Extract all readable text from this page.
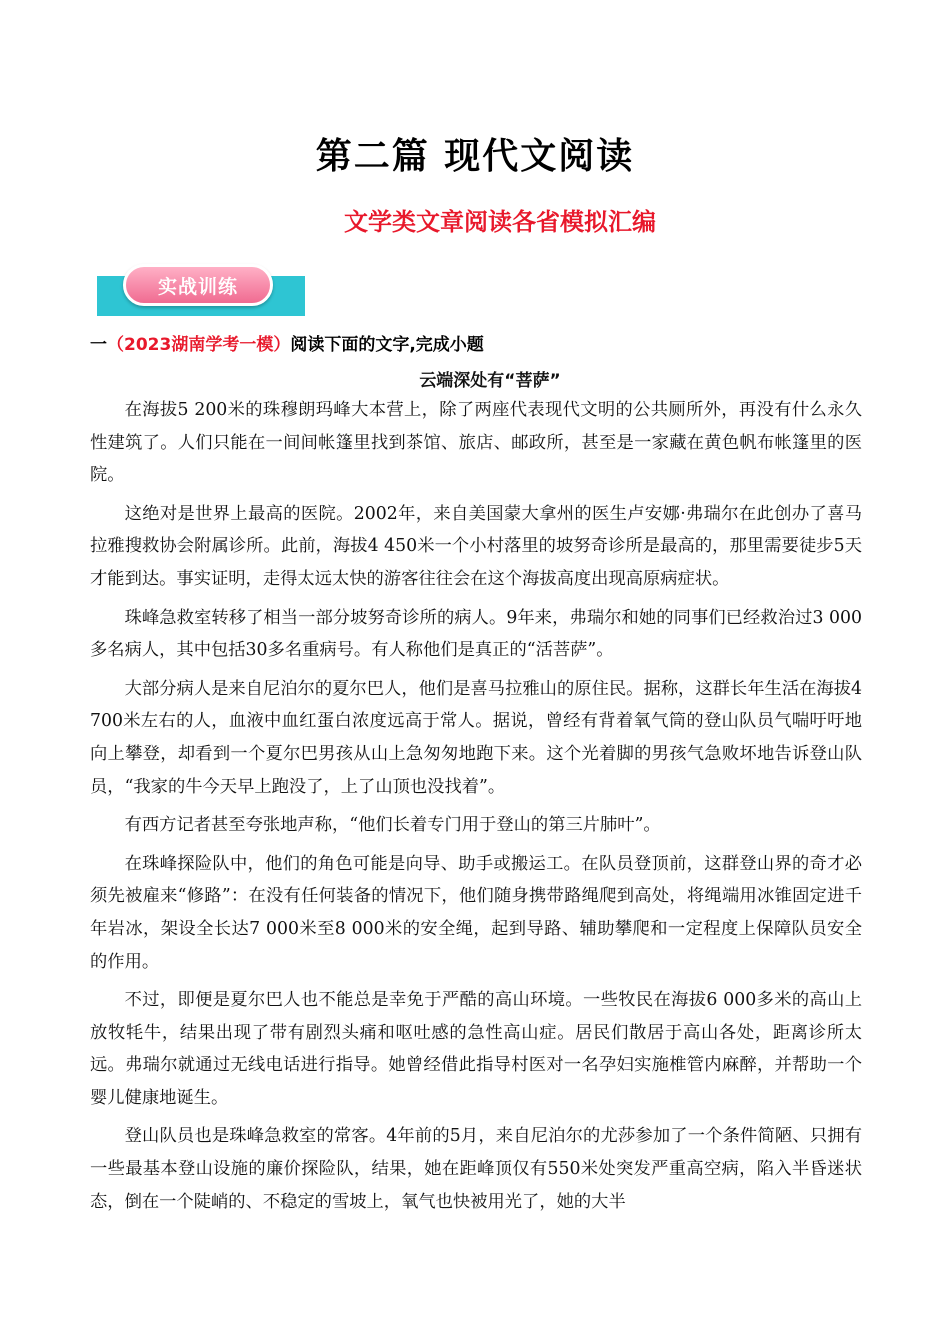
第二篇 现代文阅读
文学类文章阅读各省模拟汇编
实战训练
一（2023湖南学考一模）阅读下面的文字,完成小题
云端深处有“菩萨”

在海拔5 200米的珠穆朗玛峰大本营上，除了两座代表现代文明的公共厕所外，再没有什么永久性建筑了。人们只能在一间间帐篷里找到茶馆、旅店、邮政所，甚至是一家藏在黄色帆布帐篷里的医院。

这绝对是世界上最高的医院。2002年，来自美国蒙大拿州的医生卢安娜·弗瑞尔在此创办了喜马拉雅搜救协会附属诊所。此前，海拔4 450米一个小村落里的坡努奇诊所是最高的，那里需要徒步5天才能到达。事实证明，走得太远太快的游客往往会在这个海拔高度出现高原病症状。

珠峰急救室转移了相当一部分坡努奇诊所的病人。9年来，弗瑞尔和她的同事们已经救治过3 000多名病人，其中包括30多名重病号。有人称他们是真正的“活菩萨”。

大部分病人是来自尼泊尔的夏尔巴人，他们是喜马拉雅山的原住民。据称，这群长年生活在海拔4 700米左右的人，血液中血红蛋白浓度远高于常人。据说，曾经有背着氧气筒的登山队员气喘吁吁地向上攀登，却看到一个夏尔巴男孩从山上急匆匆地跑下来。这个光着脚的男孩气急败坏地告诉登山队员，“我家的牛今天早上跑没了，上了山顶也没找着”。

有西方记者甚至夸张地声称，“他们长着专门用于登山的第三片肺叶”。

在珠峰探险队中，他们的角色可能是向导、助手或搬运工。在队员登顶前，这群登山界的奇才必须先被雇来“修路”：在没有任何装备的情况下，他们随身携带路绳爬到高处，将绳端用冰锥固定进千年岩冰，架设全长达7 000米至8 000米的安全绳，起到导路、辅助攀爬和一定程度上保障队员安全的作用。

不过，即便是夏尔巴人也不能总是幸免于严酷的高山环境。一些牧民在海拔6 000多米的高山上放牧牦牛，结果出现了带有剧烈头痛和呕吐感的急性高山症。居民们散居于高山各处，距离诊所太远。弗瑞尔就通过无线电话进行指导。她曾经借此指导村医对一名孕妇实施椎管内麻醉，并帮助一个婴儿健康地诞生。

登山队员也是珠峰急救室的常客。4年前的5月，来自尼泊尔的尤莎参加了一个条件简陋、只拥有一些最基本登山设施的廉价探险队，结果，她在距峰顶仅有550米处突发严重高空病，陷入半昏迷状态，倒在一个陡峭的、不稳定的雪坡上，氧气也快被用光了，她的大半
